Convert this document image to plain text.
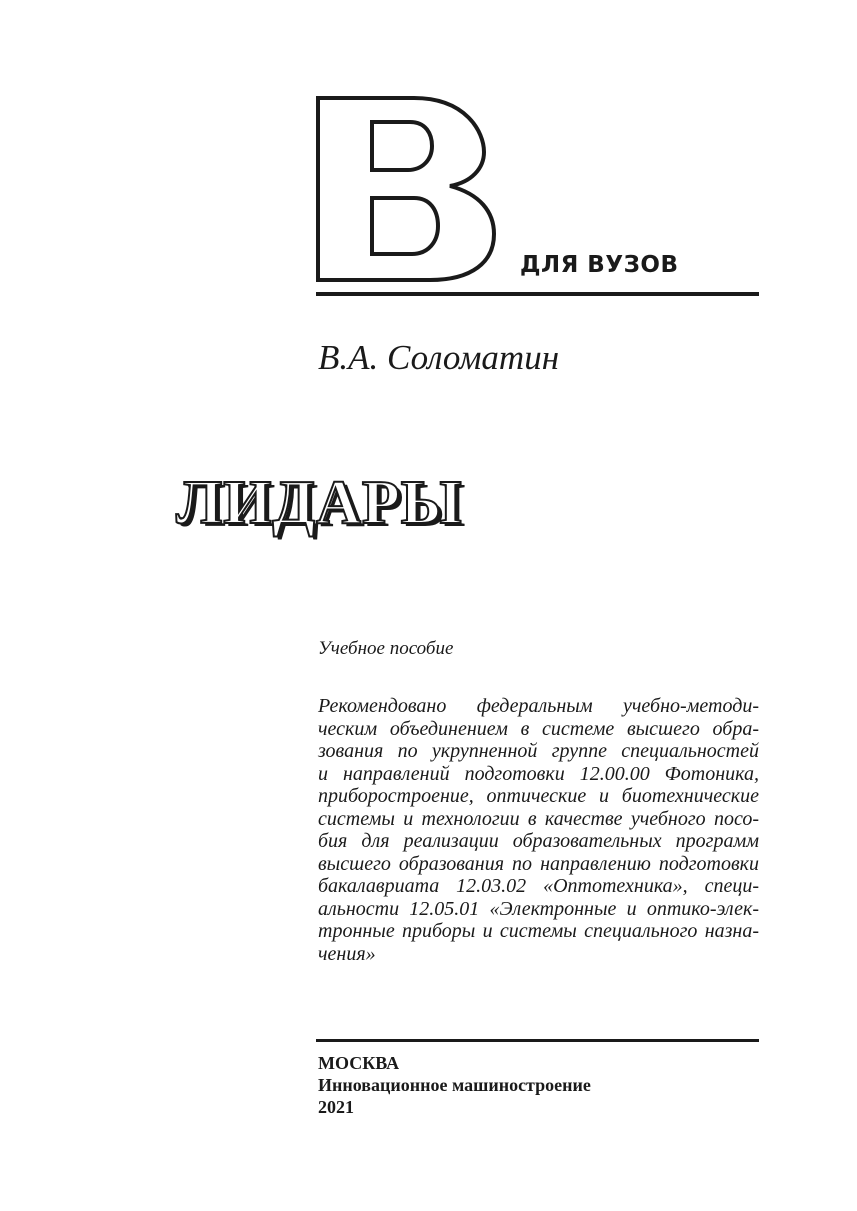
ДЛЯ ВУЗОВ
В.А. Соломатин
ЛИДАРЫ
Учебное пособие

Рекомендовано федеральным учебно-методи-
ческим объединением в системе высшего обра-
зования по укрупненной группе специальностей
и направлений подготовки 12.00.00 Фотоника,
приборостроение, оптические и биотехнические
системы и технологии в качестве учебного посо-
бия для реализации образовательных программ
высшего образования по направлению подготовки
бакалавриата 12.03.02 «Оптотехника», специ-
альности 12.05.01 «Электронные и оптико-элек-
тронные приборы и системы специального назна-
чения»

МОСКВА
Инновационное машиностроение
2021
